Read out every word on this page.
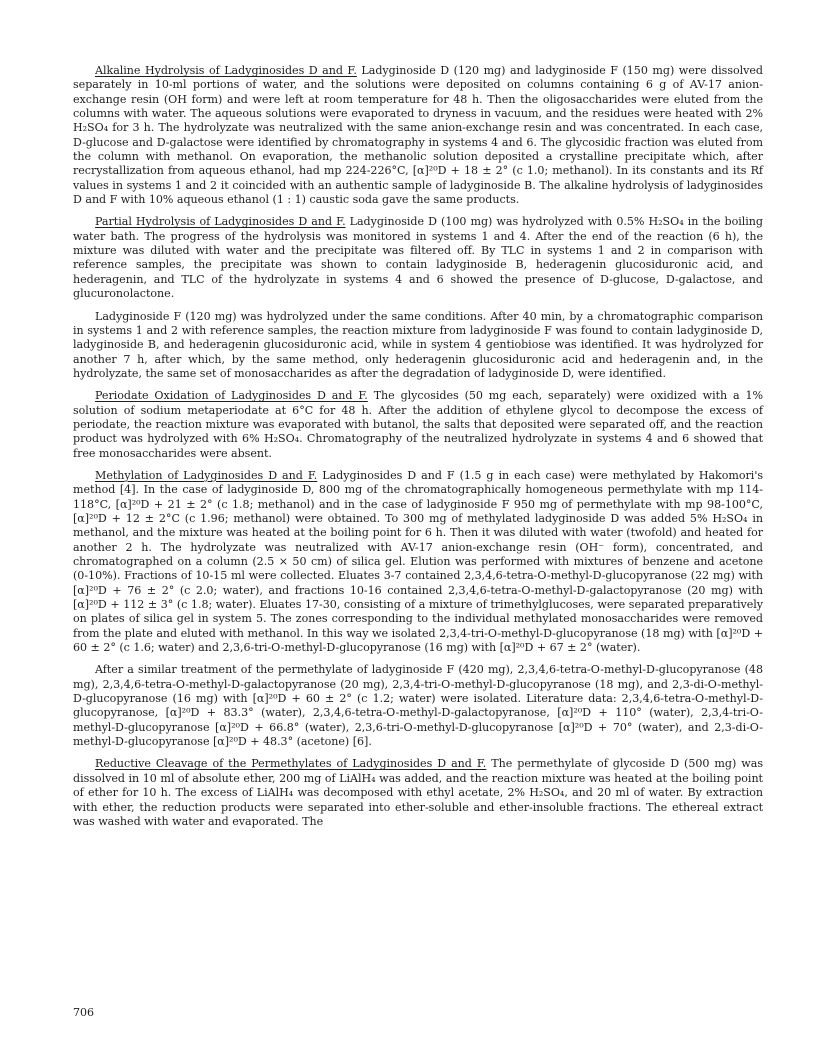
Alkaline Hydrolysis of Ladyginosides D and F. Ladyginoside D (120 mg) and ladyginoside F (150 mg) were dissolved separately in 10-ml portions of water, and the solutions were deposited on columns containing 6 g of AV-17 anion-exchange resin (OH form) and were left at room temperature for 48 h. Then the oligosaccharides were eluted from the columns with water. The aqueous solutions were evaporated to dryness in vacuum, and the residues were heated with 2% H₂SO₄ for 3 h. The hydrolyzate was neutralized with the same anion-exchange resin and was concentrated. In each case, D-glucose and D-galactose were identified by chromatography in systems 4 and 6. The glycosidic fraction was eluted from the column with methanol. On evaporation, the methanolic solution deposited a crystalline precipitate which, after recrystallization from aqueous ethanol, had mp 224-226°C, [α]²⁰D + 18 ± 2° (c 1.0; methanol). In its constants and its Rf values in systems 1 and 2 it coincided with an authentic sample of ladyginoside B. The alkaline hydrolysis of ladyginosides D and F with 10% aqueous ethanol (1 : 1) caustic soda gave the same products.

Partial Hydrolysis of Ladyginosides D and F. Ladyginoside D (100 mg) was hydrolyzed with 0.5% H₂SO₄ in the boiling water bath. The progress of the hydrolysis was monitored in systems 1 and 4. After the end of the reaction (6 h), the mixture was diluted with water and the precipitate was filtered off. By TLC in systems 1 and 2 in comparison with reference samples, the precipitate was shown to contain ladyginoside B, hederagenin glucosiduronic acid, and hederagenin, and TLC of the hydrolyzate in systems 4 and 6 showed the presence of D-glucose, D-galactose, and glucuronolactone.

Ladyginoside F (120 mg) was hydrolyzed under the same conditions. After 40 min, by a chromatographic comparison in systems 1 and 2 with reference samples, the reaction mixture from ladyginoside F was found to contain ladyginoside D, ladyginoside B, and hederagenin glucosiduronic acid, while in system 4 gentiobiose was identified. It was hydrolyzed for another 7 h, after which, by the same method, only hederagenin glucosiduronic acid and hederagenin and, in the hydrolyzate, the same set of monosaccharides as after the degradation of ladyginoside D, were identified.

Periodate Oxidation of Ladyginosides D and F. The glycosides (50 mg each, separately) were oxidized with a 1% solution of sodium metaperiodate at 6°C for 48 h. After the addition of ethylene glycol to decompose the excess of periodate, the reaction mixture was evaporated with butanol, the salts that deposited were separated off, and the reaction product was hydrolyzed with 6% H₂SO₄. Chromatography of the neutralized hydrolyzate in systems 4 and 6 showed that free monosaccharides were absent.

Methylation of Ladyginosides D and F. Ladyginosides D and F (1.5 g in each case) were methylated by Hakomori's method [4]. In the case of ladyginoside D, 800 mg of the chromatographically homogeneous permethylate with mp 114-118°C, [α]²⁰D + 21 ± 2° (c 1.8; methanol) and in the case of ladyginoside F 950 mg of permethylate with mp 98-100°C, [α]²⁰D + 12 ± 2°C (c 1.96; methanol) were obtained. To 300 mg of methylated ladyginoside D was added 5% H₂SO₄ in methanol, and the mixture was heated at the boiling point for 6 h. Then it was diluted with water (twofold) and heated for another 2 h. The hydrolyzate was neutralized with AV-17 anion-exchange resin (OH⁻ form), concentrated, and chromatographed on a column (2.5 × 50 cm) of silica gel. Elution was performed with mixtures of benzene and acetone (0-10%). Fractions of 10-15 ml were collected. Eluates 3-7 contained 2,3,4,6-tetra-O-methyl-D-glucopyranose (22 mg) with [α]²⁰D + 76 ± 2° (c 2.0; water), and fractions 10-16 contained 2,3,4,6-tetra-O-methyl-D-galactopyranose (20 mg) with [α]²⁰D + 112 ± 3° (c 1.8; water). Eluates 17-30, consisting of a mixture of trimethylglucoses, were separated preparatively on plates of silica gel in system 5. The zones corresponding to the individual methylated monosaccharides were removed from the plate and eluted with methanol. In this way we isolated 2,3,4-tri-O-methyl-D-glucopyranose (18 mg) with [α]²⁰D + 60 ± 2° (c 1.6; water) and 2,3,6-tri-O-methyl-D-glucopyranose (16 mg) with [α]²⁰D + 67 ± 2° (water).

After a similar treatment of the permethylate of ladyginoside F (420 mg), 2,3,4,6-tetra-O-methyl-D-glucopyranose (48 mg), 2,3,4,6-tetra-O-methyl-D-galactopyranose (20 mg), 2,3,4-tri-O-methyl-D-glucopyranose (18 mg), and 2,3-di-O-methyl-D-glucopyranose (16 mg) with [α]²⁰D + 60 ± 2° (c 1.2; water) were isolated. Literature data: 2,3,4,6-tetra-O-methyl-D-glucopyranose, [α]²⁰D + 83.3° (water), 2,3,4,6-tetra-O-methyl-D-galactopyranose, [α]²⁰D + 110° (water), 2,3,4-tri-O-methyl-D-glucopyranose [α]²⁰D + 66.8° (water), 2,3,6-tri-O-methyl-D-glucopyranose [α]²⁰D + 70° (water), and 2,3-di-O-methyl-D-glucopyranose [α]²⁰D + 48.3° (acetone) [6].

Reductive Cleavage of the Permethylates of Ladyginosides D and F. The permethylate of glycoside D (500 mg) was dissolved in 10 ml of absolute ether, 200 mg of LiAlH₄ was added, and the reaction mixture was heated at the boiling point of ether for 10 h. The excess of LiAlH₄ was decomposed with ethyl acetate, 2% H₂SO₄, and 20 ml of water. By extraction with ether, the reduction products were separated into ether-soluble and ether-insoluble fractions. The ethereal extract was washed with water and evaporated. The

706
